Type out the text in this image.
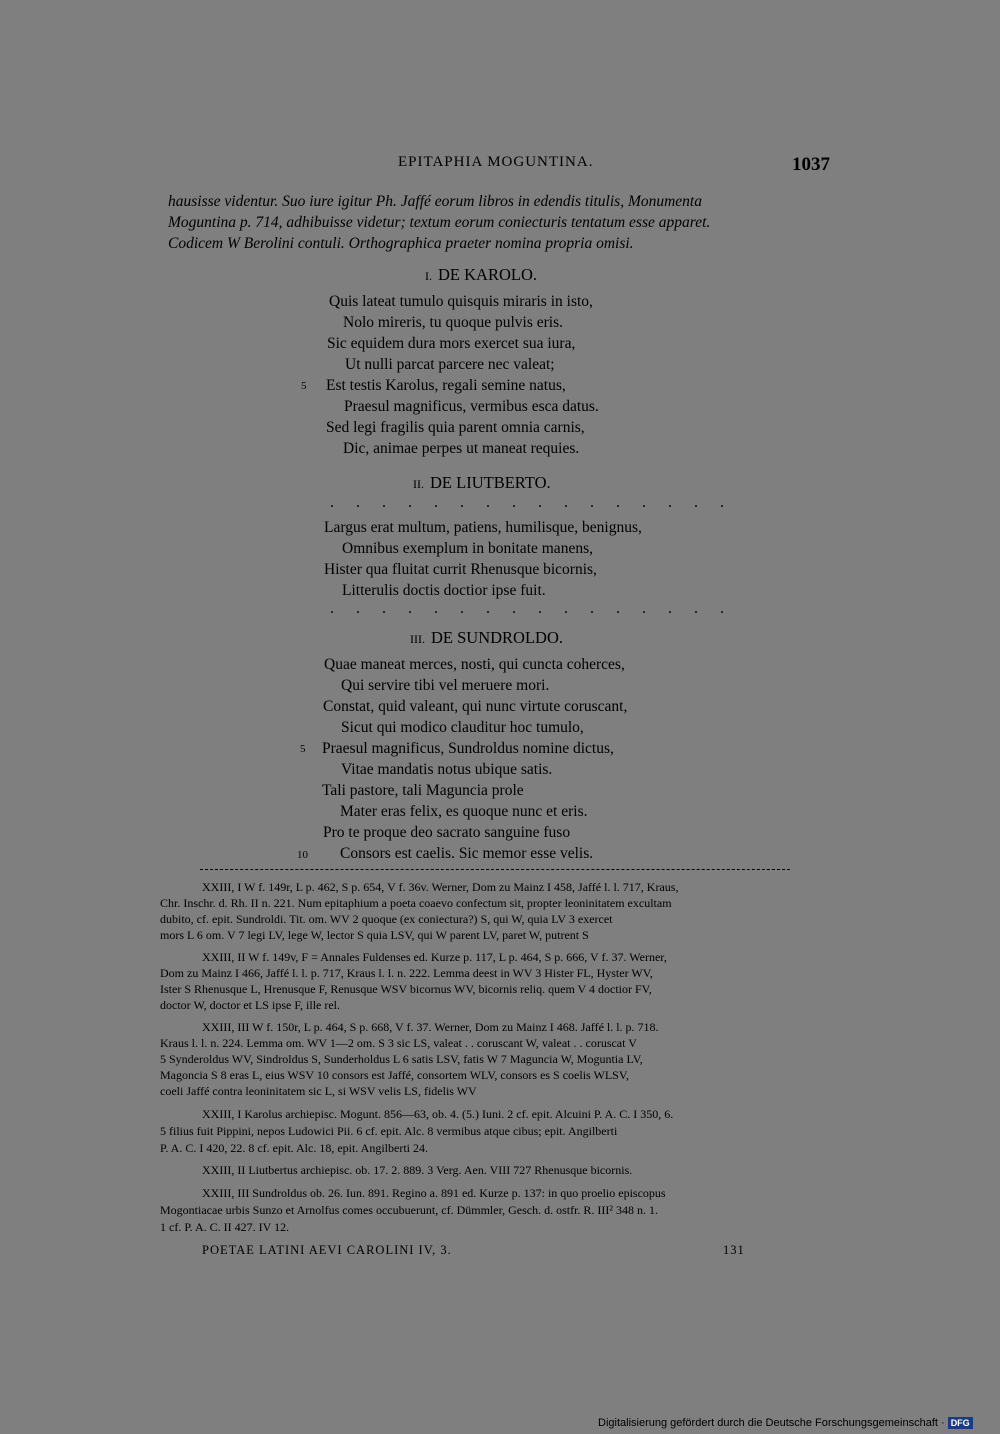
EPITAPHIA MOGUNTINA.	1037
hausisse videntur. Suo iure igitur Ph. Jaffé eorum libros in edendis titulis, Monumenta
Moguntina p. 714, adhibuisse videtur; textum eorum coniecturis tentatum esse apparet.
Codicem W Berolini contuli. Orthographica praeter nomina propria omisi.
I. DE KAROLO.
Quis lateat tumulo quisquis miraris in isto,
Nolo mireris, tu quoque pulvis eris.
Sic equidem dura mors exercet sua iura,
Ut nulli parcat parcere nec valeat;
5 Est testis Karolus, regali semine natus,
Praesul magnificus, vermibus esca datus.
Sed legi fragilis quia parent omnia carnis,
Dic, animae perpes ut maneat requies.
II. DE LIUTBERTO.
. . . . . . . . . . . . . . . .
Largus erat multum, patiens, humilisque, benignus,
Omnibus exemplum in bonitate manens,
Hister qua fluitat currit Rhenusque bicornis,
Litterulis doctis doctior ipse fuit.
. . . . . . . . . . . . . . . .
III. DE SUNDROLDO.
Quae maneat merces, nosti, qui cuncta coherces,
Qui servire tibi vel meruere mori.
Constat, quid valeant, qui nunc virtute coruscant,
Sicut qui modico clauditur hoc tumulo,
5 Praesul magnificus, Sundroldus nomine dictus,
Vitae mandatis notus ubique satis.
Tali pastore, tali Maguncia prole
Mater eras felix, es quoque nunc et eris.
Pro te proque deo sacrato sanguine fuso
10 Consors est caelis. Sic memor esse velis.
XXIII, I W f. 149r, L p. 462, S p. 654, V f. 36v. Werner, Dom zu Mainz I 458, Jaffé l. l. 717, Kraus,
Chr. Inschr. d. Rh. II n. 221. Num epitaphium a poeta coaevo confectum sit, propter leoninitatem excultam
dubito, cf. epit. Sundroldi. Tit. om. WV 2 quoque (ex coniectura?) S, qui W, quia LV 3 exercet
mors L 6 om. V 7 legi LV, lege W, lector S quia LSV, qui W parent LV, paret W, putrent S
XXIII, II W f. 149v, F = Annales Fuldenses ed. Kurze p. 117, L p. 464, S p. 666, V f. 37. Werner,
Dom zu Mainz I 466, Jaffé l. l. p. 717, Kraus l. l. n. 222. Lemma deest in WV 3 Hister FL, Hyster WV,
Ister S Rhenusque L, Hrenusque F, Renusque WSV bicornus WV, bicornis reliq. quem V 4 doctior FV,
doctor W, doctor et LS ipse F, ille rel.
XXIII, III W f. 150r, L p. 464, S p. 668, V f. 37. Werner, Dom zu Mainz I 468. Jaffé l. l. p. 718.
Kraus l. l. n. 224. Lemma om. WV 1—2 om. S 3 sic LS, valeat . . coruscant W, valeat . . coruscat V
5 Synderoldus WV, Sindroldus S, Sunderholdus L 6 satis LSV, fatis W 7 Maguncia W, Moguntia LV,
Magoncia S 8 eras L, eius WSV 10 consors est Jaffé, consortem WLV, consors es S coelis WLSV,
coeli Jaffé contra leoninitatem sic L, si WSV velis LS, fidelis WV
XXIII, I Karolus archiepisc. Mogunt. 856—63, ob. 4. (5.) Iuni. 2 cf. epit. Alcuini P. A. C. I 350, 6.
5 filius fuit Pippini, nepos Ludowici Pii. 6 cf. epit. Alc. 8 vermibus atque cibus; epit. Angilberti
P. A. C. I 420, 22. 8 cf. epit. Alc. 18, epit. Angilberti 24.
XXIII, II Liutbertus archiepisc. ob. 17. 2. 889. 3 Verg. Aen. VIII 727 Rhenusque bicornis.
XXIII, III Sundroldus ob. 26. Iun. 891. Regino a. 891 ed. Kurze p. 137: in quo proelio episcopus
Mogontiacae urbis Sunzo et Arnolfus comes occubuerunt, cf. Dümmler, Gesch. d. ostfr. R. III² 348 n. 1.
1 cf. P. A. C. II 427. IV 12.
POETAE LATINI AEVI CAROLINI IV, 3.	131
Digitalisierung gefördert durch die Deutsche Forschungsgemeinschaft · DFG
